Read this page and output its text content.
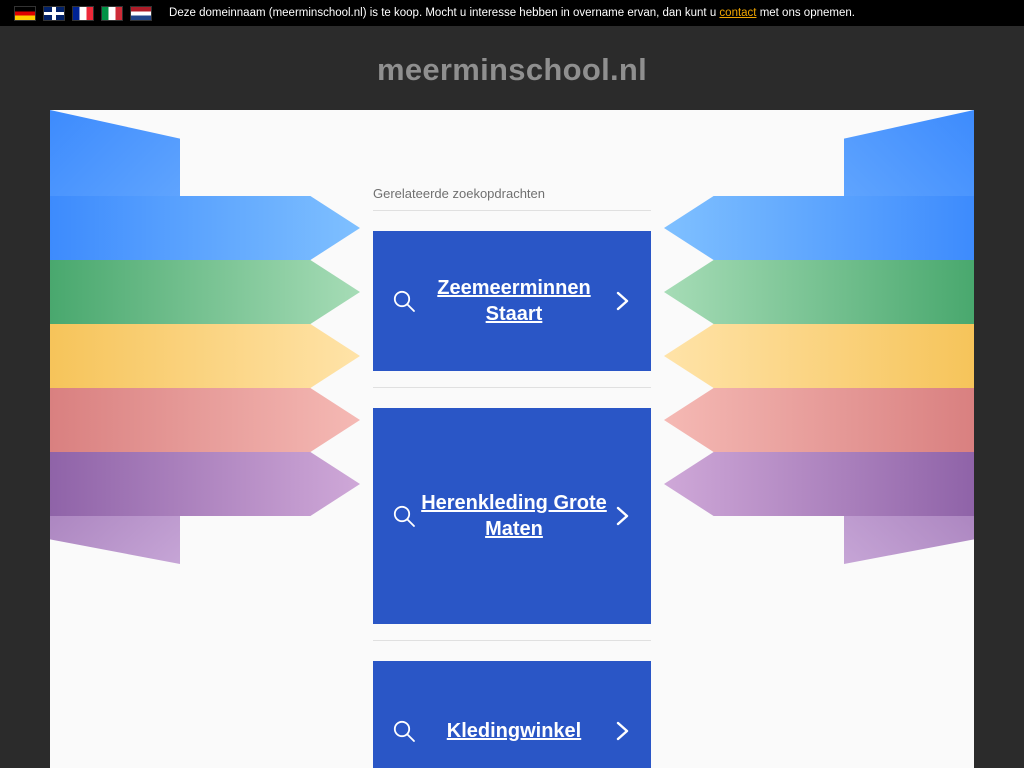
Deze domeinnaam (meerminschool.nl) is te koop. Mocht u interesse hebben in overname ervan, dan kunt u contact met ons opnemen.
meerminschool.nl
Gerelateerde zoekopdrachten
Zeemeerminnen Staart
Herenkleding Grote Maten
Kledingwinkel
